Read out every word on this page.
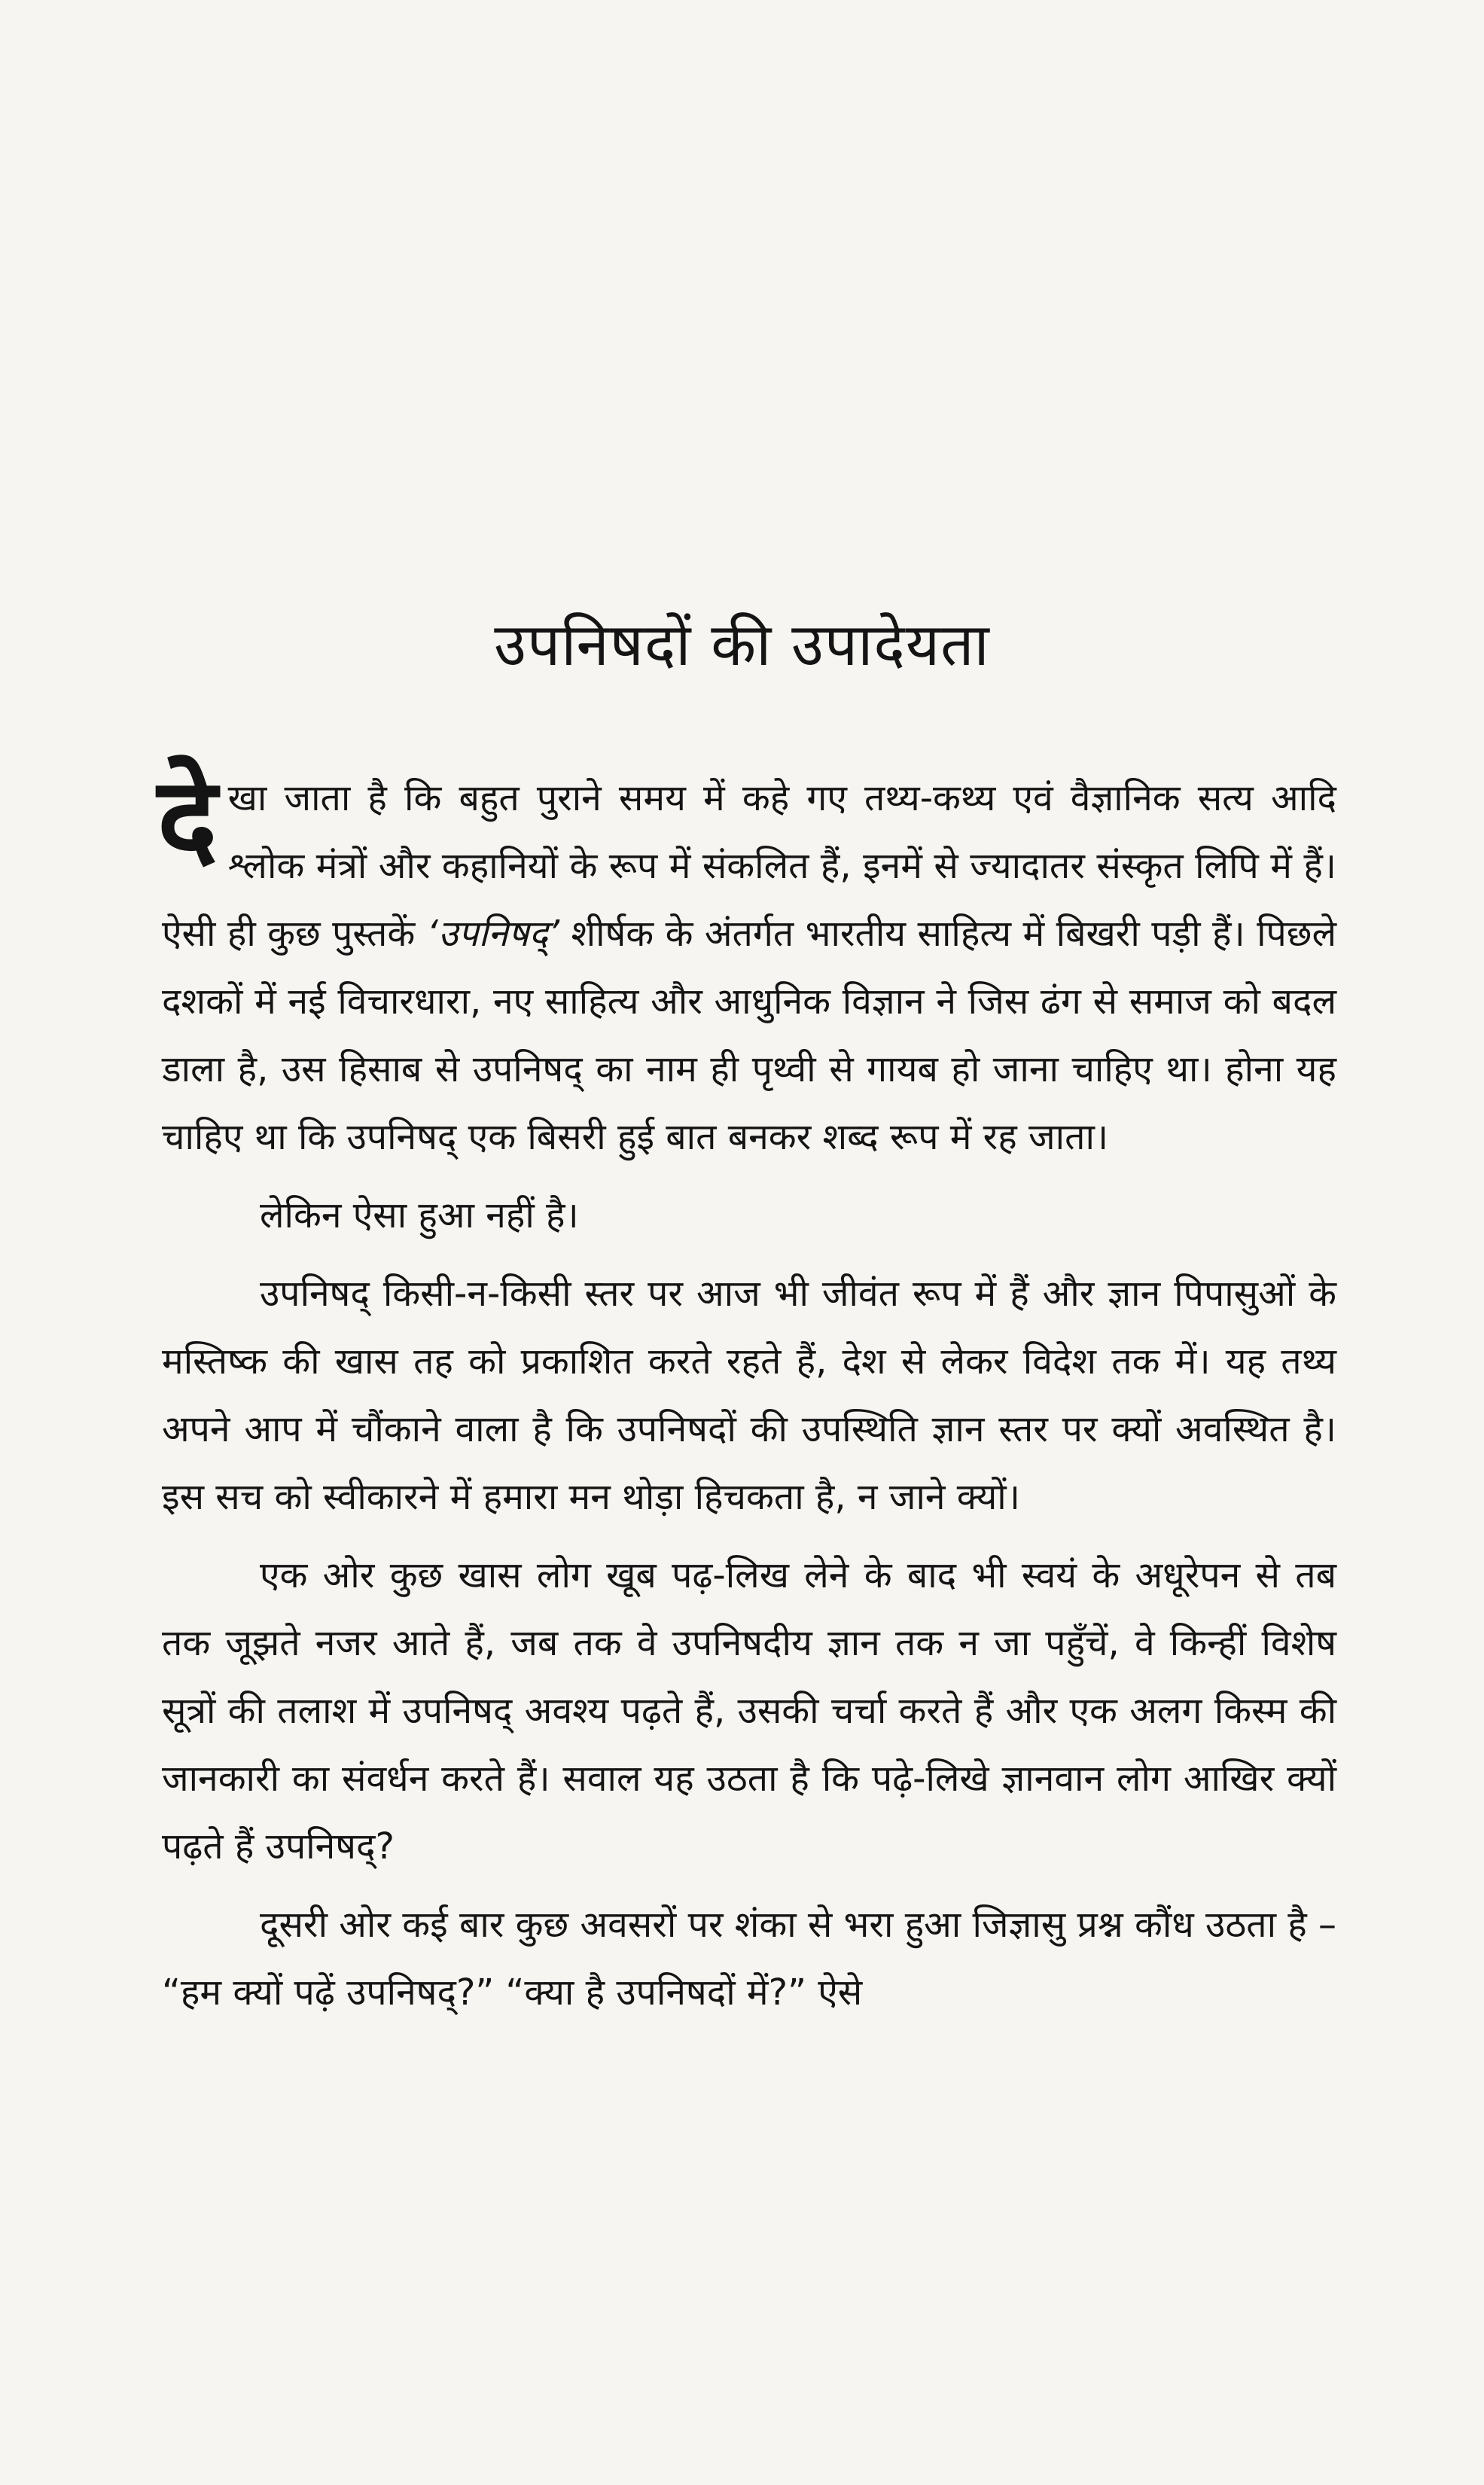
उपनिषदों की उपादेयता

देखा जाता है कि बहुत पुराने समय में कहे गए तथ्य-कथ्य एवं वैज्ञानिक सत्य आदि श्लोक मंत्रों और कहानियों के रूप में संकलित हैं, इनमें से ज्यादातर संस्कृत लिपि में हैं। ऐसी ही कुछ पुस्तकें ‘उपनिषद्’ शीर्षक के अंतर्गत भारतीय साहित्य में बिखरी पड़ी हैं। पिछले दशकों में नई विचारधारा, नए साहित्य और आधुनिक विज्ञान ने जिस ढंग से समाज को बदल डाला है, उस हिसाब से उपनिषद् का नाम ही पृथ्वी से गायब हो जाना चाहिए था। होना यह चाहिए था कि उपनिषद् एक बिसरी हुई बात बनकर शब्द रूप में रह जाता।

लेकिन ऐसा हुआ नहीं है।

उपनिषद् किसी-न-किसी स्तर पर आज भी जीवंत रूप में हैं और ज्ञान पिपासुओं के मस्तिष्क की खास तह को प्रकाशित करते रहते हैं, देश से लेकर विदेश तक में। यह तथ्य अपने आप में चौंकाने वाला है कि उपनिषदों की उपस्थिति ज्ञान स्तर पर क्यों अवस्थित है। इस सच को स्वीकारने में हमारा मन थोड़ा हिचकता है, न जाने क्यों।

एक ओर कुछ खास लोग खूब पढ़-लिख लेने के बाद भी स्वयं के अधूरेपन से तब तक जूझते नजर आते हैं, जब तक वे उपनिषदीय ज्ञान तक न जा पहुँचें, वे किन्हीं विशेष सूत्रों की तलाश में उपनिषद् अवश्य पढ़ते हैं, उसकी चर्चा करते हैं और एक अलग किस्म की जानकारी का संवर्धन करते हैं। सवाल यह उठता है कि पढ़े-लिखे ज्ञानवान लोग आखिर क्यों पढ़ते हैं उपनिषद्?

दूसरी ओर कई बार कुछ अवसरों पर शंका से भरा हुआ जिज्ञासु प्रश्न कौंध उठता है – “हम क्यों पढ़ें उपनिषद्?” “क्या है उपनिषदों में?” ऐसे
